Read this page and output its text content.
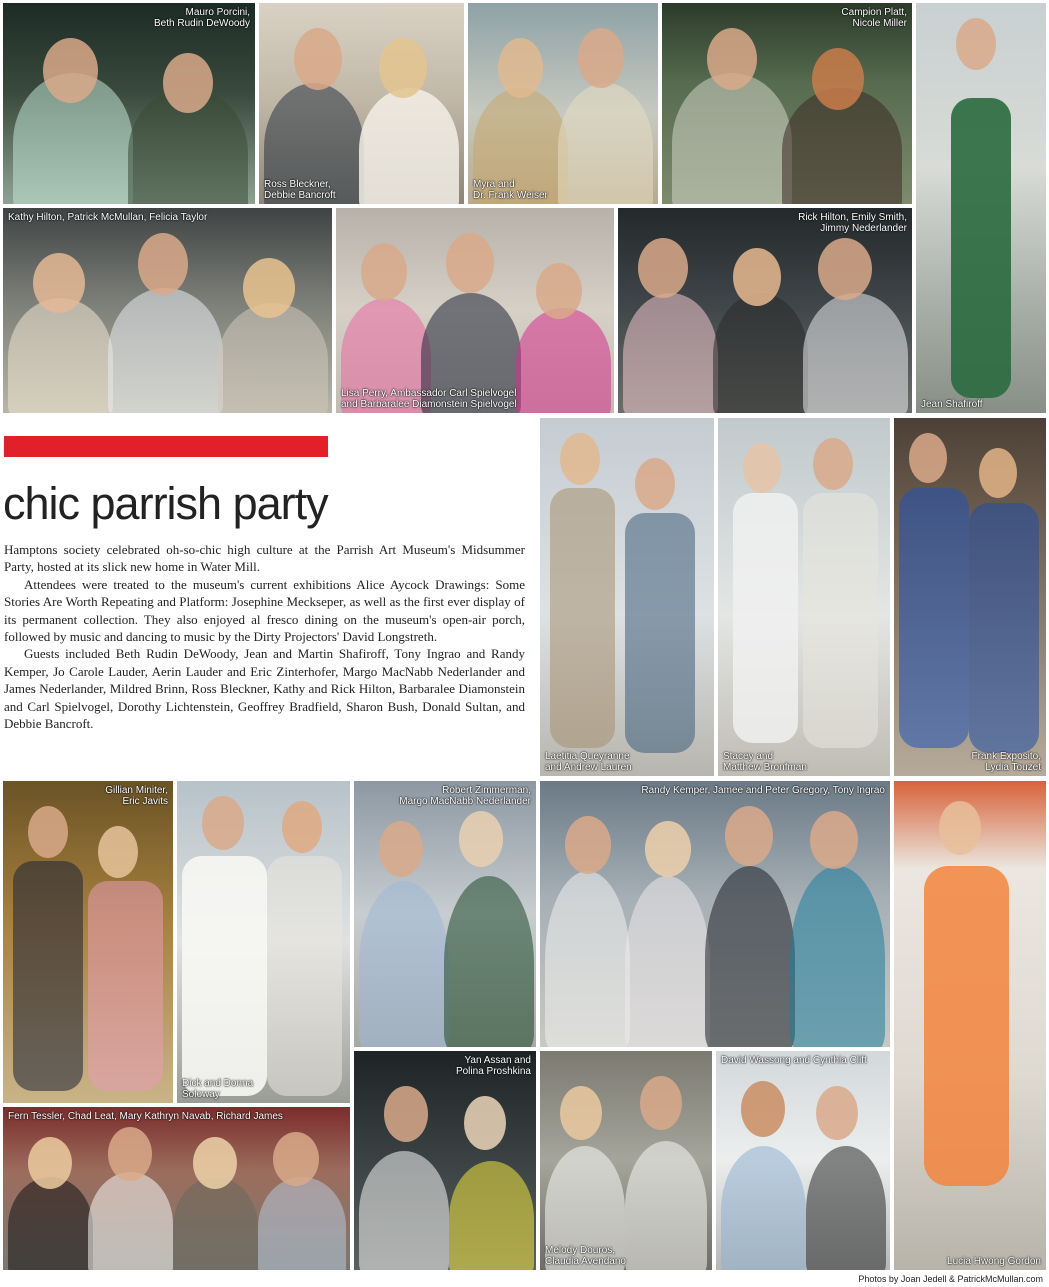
Mauro Porcini,
Beth Rudin DeWoody
Ross Bleckner,
Debbie Bancroft
Myra and
Dr. Frank Weiser
Campion Platt,
Nicole Miller
Jean Shafiroff
Kathy Hilton, Patrick McMullan, Felicia Taylor
Lisa Perry, Ambassador Carl Spielvogel
and Barbaralee Diamonstein Spielvogel
Rick Hilton, Emily Smith,
Jimmy Nederlander
chic parrish party

Hamptons society celebrated oh-so-chic high culture at the Parrish Art Museum's Midsummer Party, hosted at its slick new home in Water Mill.

Attendees were treated to the museum's current exhibitions Alice Aycock Drawings: Some Stories Are Worth Repeating and Platform: Josephine Meckseper, as well as the first ever display of its permanent collection. They also enjoyed al fresco dining on the museum's open-air porch, followed by music and dancing to music by the Dirty Projectors' David Longstreth.

Guests included Beth Rudin DeWoody, Jean and Martin Shafiroff, Tony Ingrao and Randy Kemper, Jo Carole Lauder, Aerin Lauder and Eric Zinterhofer, Margo MacNabb Nederlander and James Nederlander, Mildred Brinn, Ross Bleckner, Kathy and Rick Hilton, Barbaralee Diamonstein and Carl Spielvogel, Dorothy Lichtenstein, Geoffrey Bradfield, Sharon Bush, Donald Sultan, and Debbie Bancroft.

Laetitia Queyranne
and Andrew Lauren
Stacey and
Matthew Bronfman
Frank Exposito,
Lydia Touzet
Gillian Miniter,
Eric Javits
Dick and Donna
Soloway
Robert Zimmerman,
Margo MacNabb Nederlander
Randy Kemper, Jamee and Peter Gregory, Tony Ingrao
Lucia Hwong Gordon
Fern Tessler, Chad Leat, Mary Kathryn Navab, Richard James
Yan Assan and
Polina Proshkina
Melody Douros,
Claudia Avendano
David Wassong and Cynthia Clift
Photos by Joan Jedell & PatrickMcMullan.com
